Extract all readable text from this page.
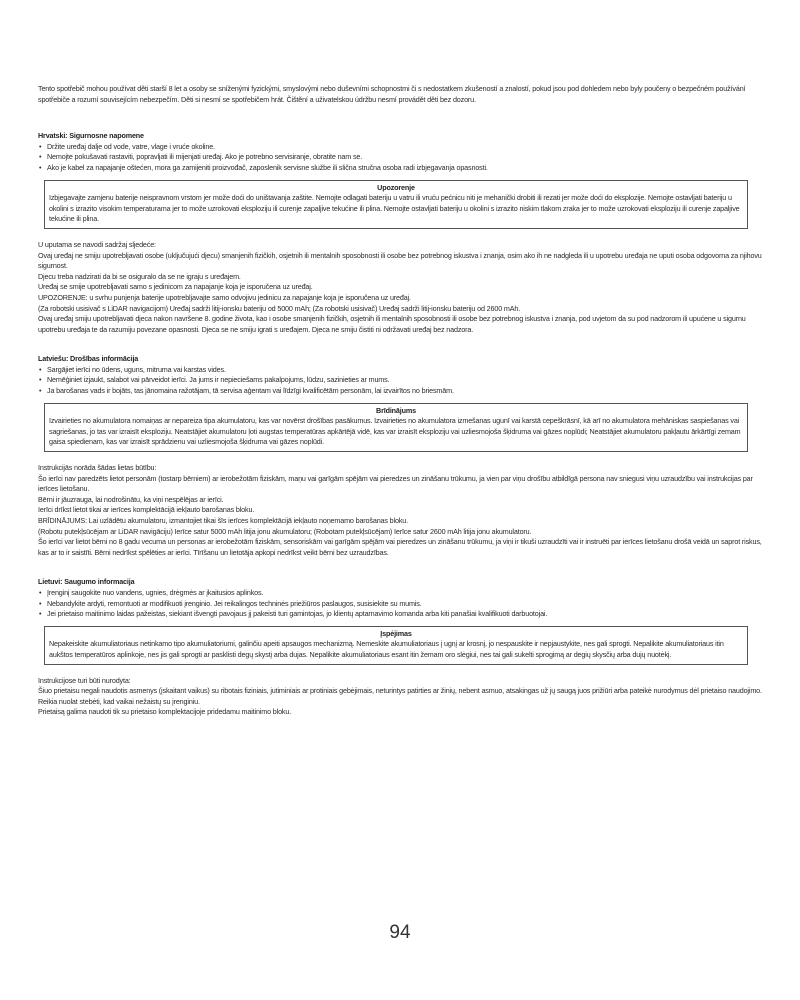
Tento spotřebič mohou používat děti starší 8 let a osoby se sníženými fyzickými, smyslovými nebo duševními schopnostmi či s nedostatkem zkušeností a znalostí, pokud jsou pod dohledem nebo byly poučeny o bezpečném používání spotřebiče a rozumí souvisejícím nebezpečím. Děti si nesmí se spotřebičem hrát. Čištění a uživatelskou údržbu nesmí provádět děti bez dozoru.

Hrvatski: Sigurnosne napomene

• Držite uređaj dalje od vode, vatre, vlage i vruće okoline.
• Nemojte pokušavati rastaviti, popravljati ili mijenjati uređaj. Ako je potrebno servisiranje, obratite nam se.
• Ako je kabel za napajanje oštećen, mora ga zamijeniti proizvođač, zaposlenik servisne službe ili slična stručna osoba radi izbjegavanja opasnosti.
Upozorenje
Izbjegavajte zamjenu baterije neispravnom vrstom jer može doći do uništavanja zaštite. Nemojte odlagati bateriju u vatru ili vruću pećnicu niti je mehanički drobiti ili rezati jer može doći do eksplozije. Nemojte ostavljati bateriju u okolini s izrazito visokim temperaturama jer to može uzrokovati eksploziju ili curenje zapaljive tekućine ili plina. Nemojte ostavljati bateriju u okolini s izrazito niskim tlakom zraka jer to može uzrokovati eksploziju ili curenje zapaljive tekućine ili plina.

U uputama se navodi sadržaj sljedeće:

Ovaj uređaj ne smiju upotrebljavati osobe (uključujući djecu) smanjenih fizičkih, osjetnih ili mentalnih sposobnosti ili osobe bez potrebnog iskustva i znanja, osim ako ih ne nadgleda ili u upotrebu uređaja ne uputi osoba odgovorna za njihovu sigurnost.

Djecu treba nadzirati da bi se osiguralo da se ne igraju s uređajem.

Uređaj se smije upotrebljavati samo s jedinicom za napajanje koja je isporučena uz uređaj.

UPOZORENJE: u svrhu punjenja baterije upotrebljavajte samo odvojivu jedinicu za napajanje koja je isporučena uz uređaj.

(Za robotski usisivač s LiDAR navigacijom) Uređaj sadrži litij-ionsku bateriju od 5000 mAh; (Za robotski usisivač) Uređaj sadrži litij-ionsku bateriju od 2600 mAh.

Ovaj uređaj smiju upotrebljavati djeca nakon navršene 8. godine života, kao i osobe smanjenih fizičkih, osjetnih ili mentalnih sposobnosti ili osobe bez potrebnog iskustva i znanja, pod uvjetom da su pod nadzorom ili upućene u sigurnu upotrebu uređaja te da razumiju povezane opasnosti. Djeca se ne smiju igrati s uređajem. Djeca ne smiju čistiti ni održavati uređaj bez nadzora.

Latviešu: Drošības informācija

• Sargājiet ierīci no ūdens, uguns, mitruma vai karstas vides.
• Nemēģiniet izjaukt, salabot vai pārveidot ierīci. Ja jums ir nepieciešams pakalpojums, lūdzu, sazinieties ar mums.
• Ja barošanas vads ir bojāts, tas jānomaina ražotājam, tā servisa aģentam vai līdzīgi kvalificētām personām, lai izvairītos no briesmām.
Brīdinājums
Izvairieties no akumulatora nomaiņas ar nepareiza tipa akumulatoru, kas var novērst drošības pasākumus. Izvairieties no akumulatora izmešanas ugunī vai karstā cepeškrāsnī, kā arī no akumulatora mehāniskas saspiešanas vai sagriešanas, jo tas var izraisīt eksploziju. Neatstājiet akumulatoru ļoti augstas temperatūras apkārtējā vidē, kas var izraisīt eksploziju vai uzliesmojoša šķidruma vai gāzes noplūdi; Neatstājiet akumulatoru pakļautu ārkārtīgi zemam gaisa spiedienam, kas var izraisīt sprādzienu vai uzliesmojoša šķidruma vai gāzes noplūdi.

Instrukcijās norāda šādas lietas būtību:

Šo ierīci nav paredzēts lietot personām (tostarp bērniem) ar ierobežotām fiziskām, maņu vai garīgām spējām vai pieredzes un zināšanu trūkumu, ja vien par viņu drošību atbildīgā persona nav sniegusi viņu uzraudzību vai instrukcijas par ierīces lietošanu.

Bērni ir jāuzrauga, lai nodrošinātu, ka viņi nespēlējas ar ierīci.

Ierīci drīkst lietot tikai ar ierīces komplektācijā iekļauto barošanas bloku.

BRĪDINĀJUMS: Lai uzlādētu akumulatoru, izmantojiet tikai šīs ierīces komplektācijā iekļauto noņemamo barošanas bloku.

(Robotu putekļsūcējam ar LiDAR navigāciju) Ierīce satur 5000 mAh litija jonu akumulatoru; (Robotam putekļsūcējam) Ierīce satur 2600 mAh litija jonu akumulatoru.

Šo ierīci var lietot bērni no 8 gadu vecuma un personas ar ierobežotām fiziskām, sensoriskām vai garīgām spējām vai pieredzes un zināšanu trūkumu, ja viņi ir tikuši uzraudzīti vai ir instruēti par ierīces lietošanu drošā veidā un saprot riskus, kas ar to ir saistīti. Bērni nedrīkst spēlēties ar ierīci. Tīrīšanu un lietotāja apkopi nedrīkst veikt bērni bez uzraudzības.

Lietuvi: Saugumo informacija

• Įrenginį saugokite nuo vandens, ugnies, drėgmės ar įkaitusios aplinkos.
• Nebandykite ardyti, remontuoti ar modifikuoti įrenginio. Jei reikalingos techninės priežiūros paslaugos, susisiekite su mumis.
• Jei prietaiso maitinimo laidas pažeistas, siekiant išvengti pavojaus jį pakeisti turi gamintojas, jo klientų aptarnavimo komanda arba kiti panašiai kvalifikuoti darbuotojai.
Įspėjimas
Nepakeiskite akumuliatoriaus netinkamo tipo akumuliatoriumi, galinčiu apeiti apsaugos mechanizmą. Nemeskite akumuliatoriaus į ugnį ar krosnį, jo nespauskite ir nepjaustykite, nes gali sprogti. Nepalikite akumuliatoriaus itin aukštos temperatūros aplinkoje, nes jis gali sprogti ar pasklisti degų skystį arba dujas. Nepalikite akumuliatoriaus esant itin žemam oro slėgiui, nes tai gali sukelti sprogimą ar degių skysčių arba dujų nuotėkį.

Instrukcijose turi būti nurodyta:

Šiuo prietaisu negali naudotis asmenys (įskaitant vaikus) su ribotais fiziniais, jutiminiais ar protiniais gebėjimais, neturintys patirties ar žinių, nebent asmuo, atsakingas už jų saugą juos prižiūri arba pateikė nurodymus dėl prietaiso naudojimo.

Reikia nuolat stebėti, kad vaikai nežaistų su įrenginiu.

Prietaisą galima naudoti tik su prietaiso komplektacijoje pridedamu maitinimo bloku.

94
